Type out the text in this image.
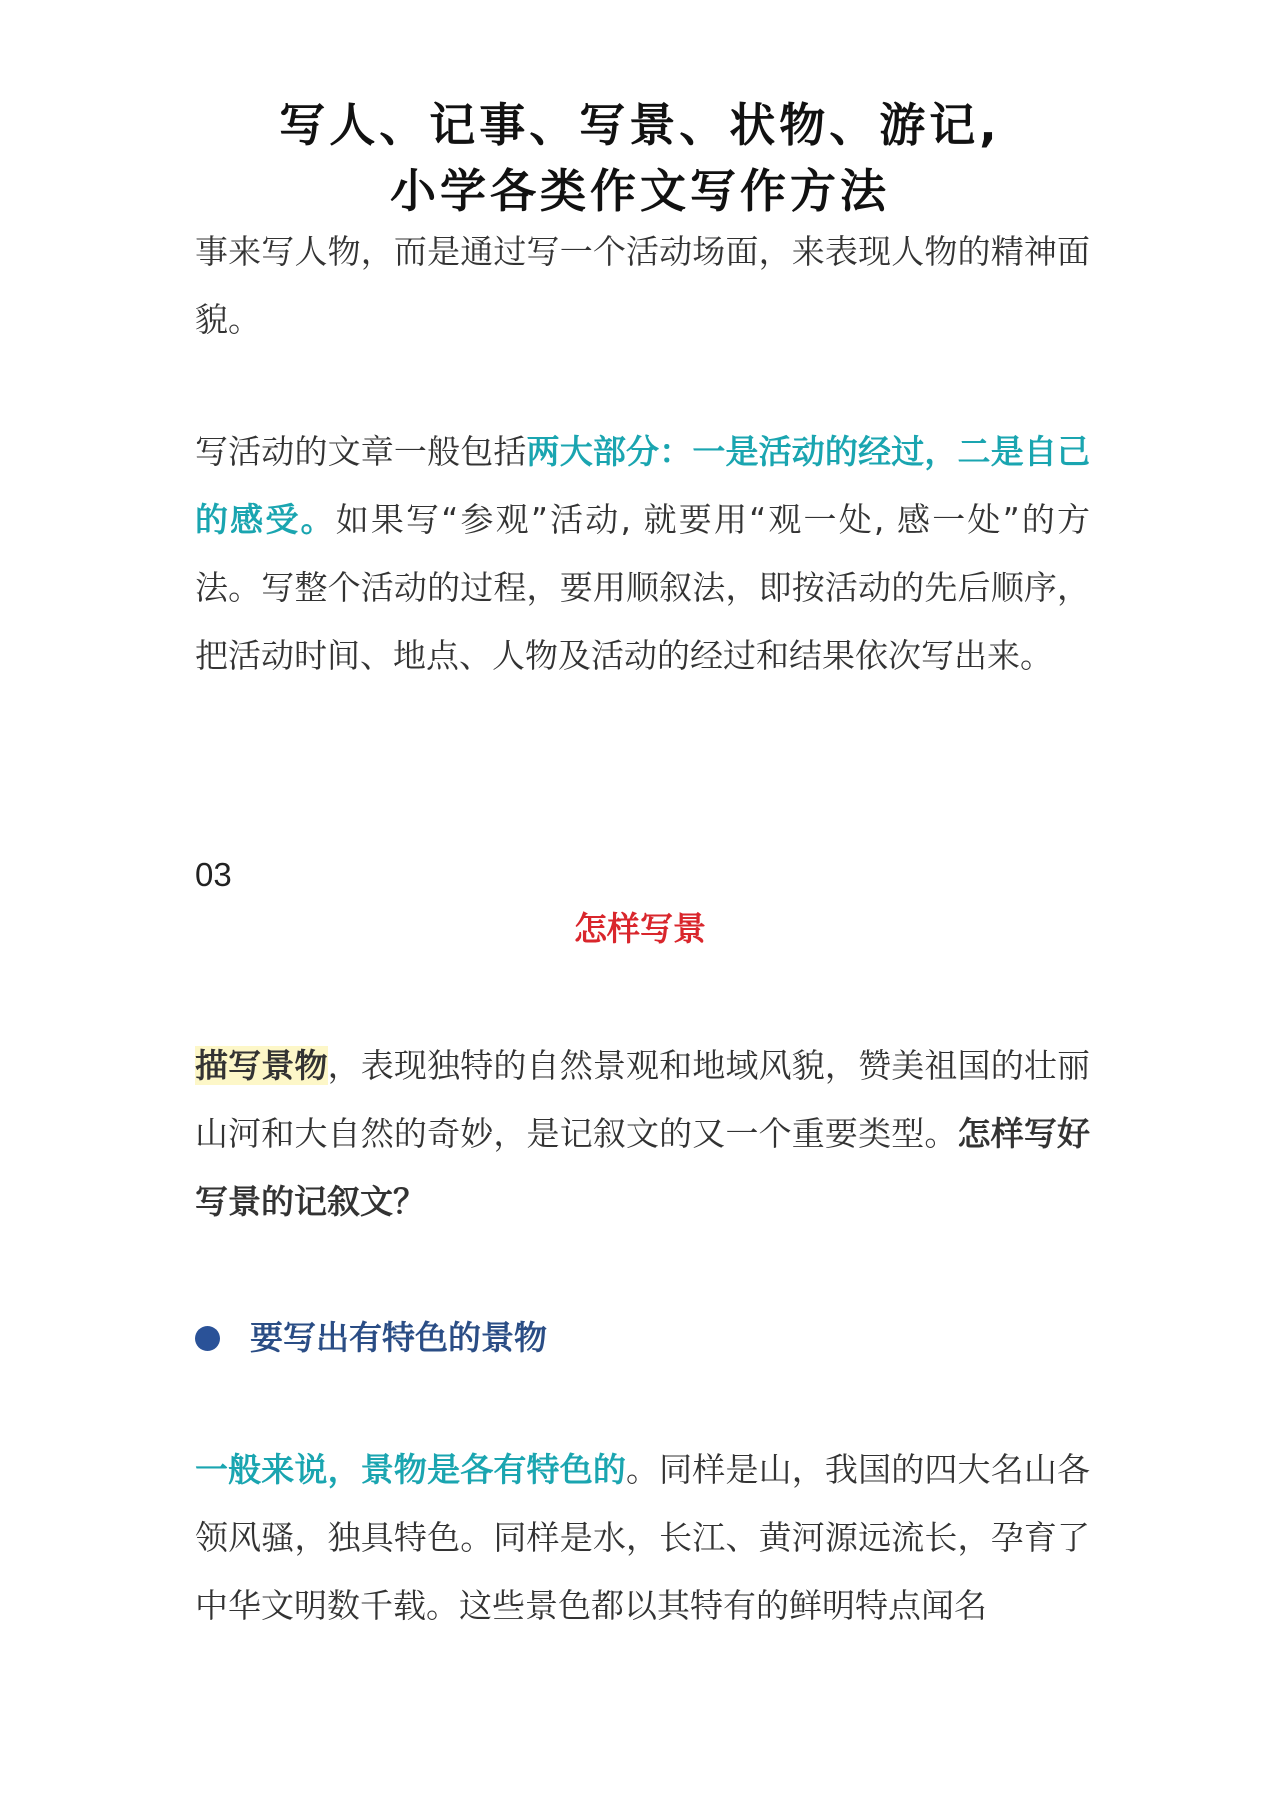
写人、记事、写景、状物、游记,
小学各类作文写作方法

事来写人物，而是通过写一个活动场面，来表现人物的精神面貌。

写活动的文章一般包括两大部分：一是活动的经过，二是自己的感受。如果写“参观”活动, 就要用“观一处, 感一处”的方法。写整个活动的过程，要用顺叙法，即按活动的先后顺序，把活动时间、地点、人物及活动的经过和结果依次写出来。

03
怎样写景

描写景物，表现独特的自然景观和地域风貌，赞美祖国的壮丽山河和大自然的奇妙，是记叙文的又一个重要类型。怎样写好写景的记叙文？

要写出有特色的景物

一般来说，景物是各有特色的。同样是山，我国的四大名山各领风骚，独具特色。同样是水，长江、黄河源远流长，孕育了中华文明数千载。这些景色都以其特有的鲜明特点闻名
